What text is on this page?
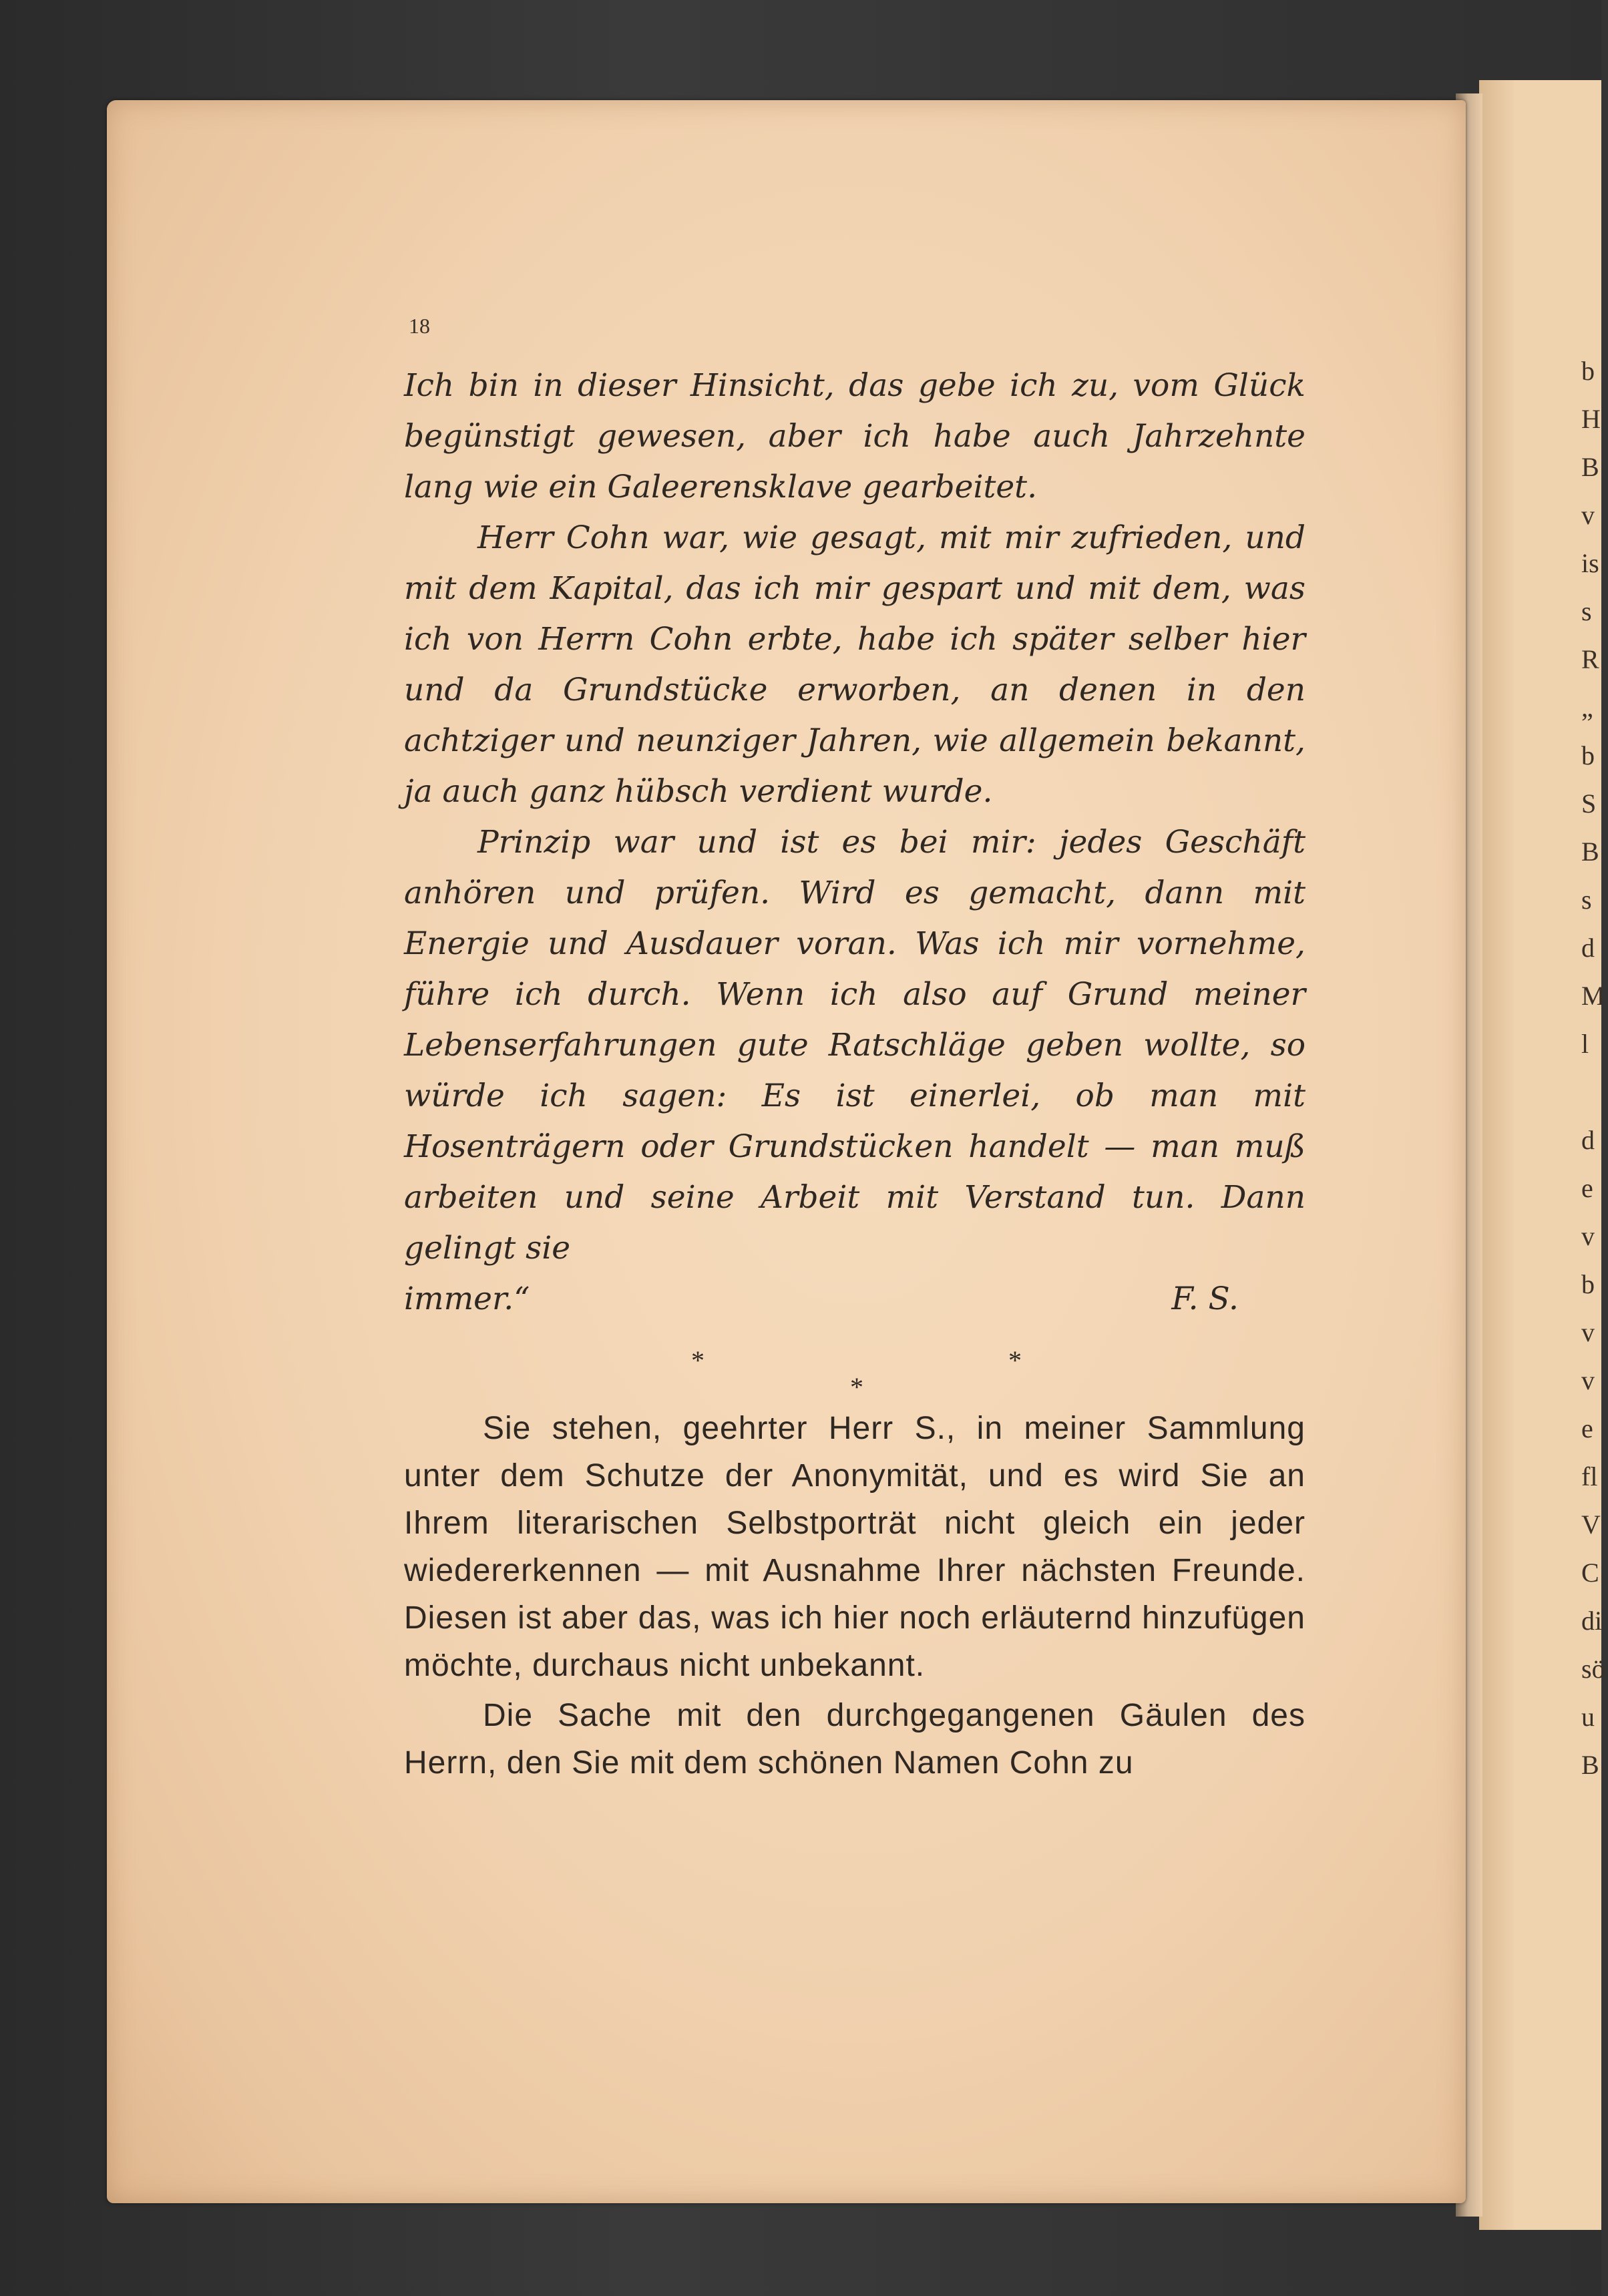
b
H
B
v
is
s
R
„
b
S
B
s
d
M
l

d
e
v
b
v
v
e
fl
V
C
di
sö
u
B
18

Ich bin in dieser Hinsicht, das gebe ich zu, vom Glück begünstigt gewesen, aber ich habe auch Jahrzehnte lang wie ein Galeerensklave gearbeitet.

Herr Cohn war, wie gesagt, mit mir zufrieden, und mit dem Kapital, das ich mir gespart und mit dem, was ich von Herrn Cohn erbte, habe ich später selber hier und da Grundstücke erworben, an denen in den achtziger und neunziger Jahren, wie allgemein bekannt, ja auch ganz hübsch verdient wurde.

Prinzip war und ist es bei mir: jedes Geschäft anhören und prüfen. Wird es gemacht, dann mit Energie und Ausdauer voran. Was ich mir vornehme, führe ich durch. Wenn ich also auf Grund meiner Lebenserfahrungen gute Ratschläge geben wollte, so würde ich sagen: Es ist einerlei, ob man mit Hosenträgern oder Grundstücken handelt — man muß arbeiten und seine Arbeit mit Verstand tun. Dann gelingt sie

immer.“	F. S.
*
*
*

Sie stehen, geehrter Herr S., in meiner Sammlung unter dem Schutze der Anonymität, und es wird Sie an Ihrem literarischen Selbstporträt nicht gleich ein jeder wiedererkennen — mit Ausnahme Ihrer nächsten Freunde. Diesen ist aber das, was ich hier noch erläuternd hinzufügen möchte, durchaus nicht unbekannt.

Die Sache mit den durchgegangenen Gäulen des Herrn, den Sie mit dem schönen Namen Cohn zu
